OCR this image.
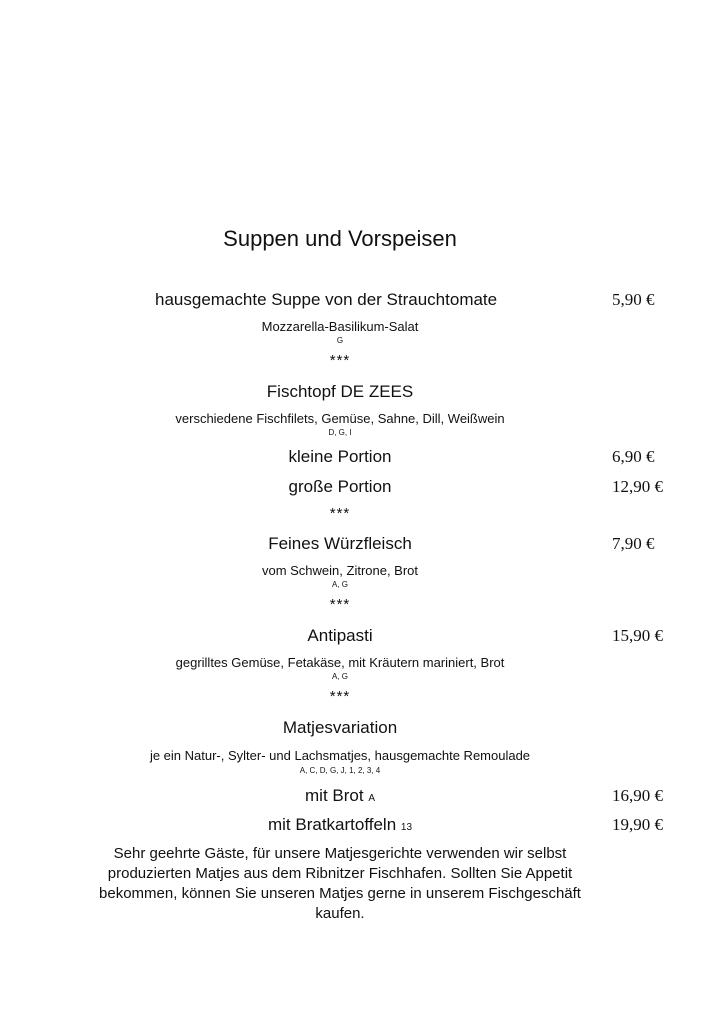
Suppen und Vorspeisen
hausgemachte Suppe von der Strauchtomate	5,90 €
Mozzarella-Basilikum-Salat
G
***
Fischtopf DE ZEES
verschiedene Fischfilets, Gemüse, Sahne, Dill, Weißwein
D, G, I
kleine Portion	6,90 €
große Portion	12,90 €
***
Feines Würzfleisch	7,90 €
vom Schwein, Zitrone, Brot
A, G
***
Antipasti	15,90 €
gegrilltes Gemüse, Fetakäse, mit Kräutern mariniert, Brot
A, G
***
Matjesvariation
je ein Natur-, Sylter- und Lachsmatjes, hausgemachte Remoulade
A, C, D, G, J, 1, 2, 3, 4
mit Brot A	16,90 €
mit Bratkartoffeln 13	19,90 €
Sehr geehrte Gäste, für unsere Matjesgerichte verwenden wir selbst produzierten Matjes aus dem Ribnitzer Fischhafen. Sollten Sie Appetit bekommen, können Sie unseren Matjes gerne in unserem Fischgeschäft kaufen.
